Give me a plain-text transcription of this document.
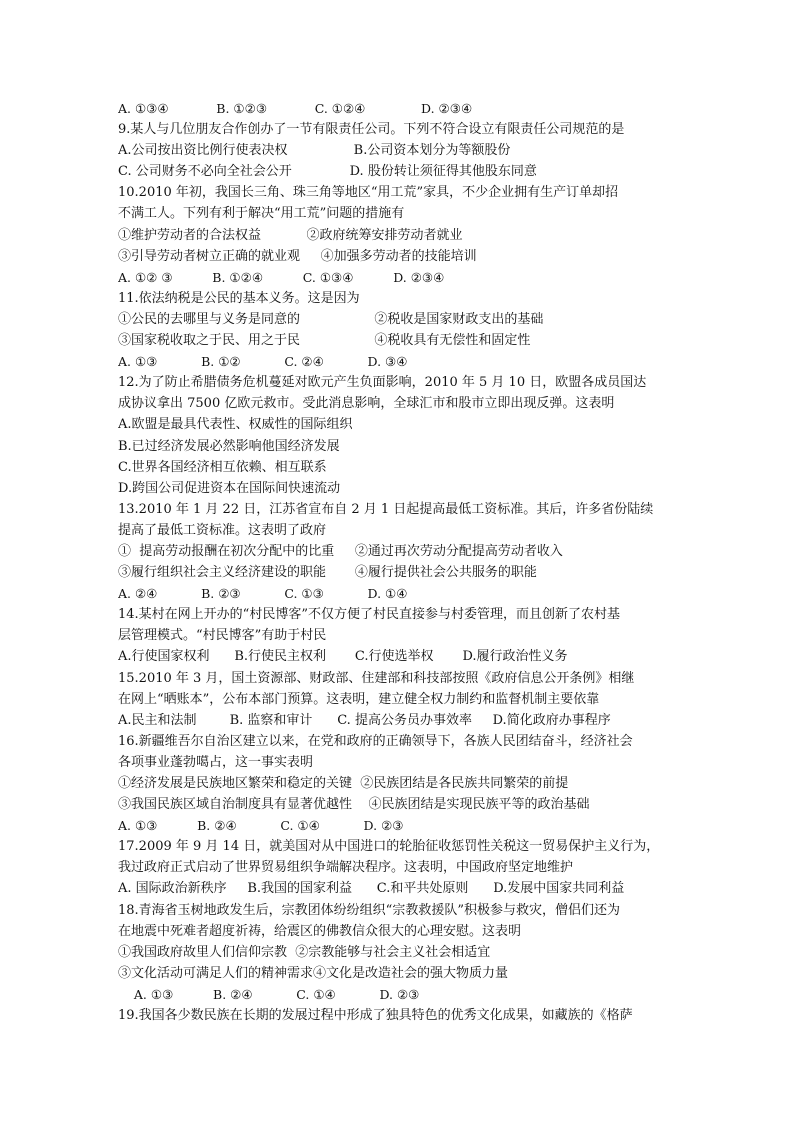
A. ①③④            B. ①②③            C. ①②④              D. ②③④
9.某人与几位朋友合作创办了一节有限责任公司。下列不符合设立有限责任公司规范的是
A.公司按出资比例行使表决权                B.公司资本划分为等额股份
C. 公司财务不必向全社会公开              D. 股份转让须征得其他股东同意
10.2010 年初，我国长三角、珠三角等地区“用工荒”家具，不少企业拥有生产订单却招
不满工人。下列有利于解决“用工荒”问题的措施有
①维护劳动者的合法权益           ②政府统筹安排劳动者就业
③引导劳动者树立正确的就业观     ④加强多劳动者的技能培训
A. ①② ③          B. ①②④          C. ①③④          D. ②③④
11.依法纳税是公民的基本义务。这是因为
①公民的去哪里与义务是同意的                  ②税收是国家财政支出的基础
③国家税收取之于民、用之于民                  ④税收具有无偿性和固定性
A. ①③           B. ①②           C. ②④           D. ③④
12.为了防止希腊债务危机蔓延对欧元产生负面影响，2010 年 5 月 10 日，欧盟各成员国达
成协议拿出 7500 亿欧元救市。受此消息影响，全球汇市和股市立即出现反弹。这表明
A.欧盟是最具代表性、权威性的国际组织
B.已过经济发展必然影响他国经济发展
C.世界各国经济相互依赖、相互联系
D.跨国公司促进资本在国际间快速流动
13.2010 年 1 月 22 日，江苏省宣布自 2 月 1 日起提高最低工资标准。其后，许多省份陆续
提高了最低工资标准。这表明了政府
①  提高劳动报酬在初次分配中的比重     ②通过再次劳动分配提高劳动者收入
③履行组织社会主义经济建设的职能       ④履行提供社会公共服务的职能
A. ②④           B. ②③           C. ①③           D. ①④
14.某村在网上开办的“村民博客”不仅方便了村民直接参与村委管理，而且创新了农村基
层管理模式。“村民博客”有助于村民
A.行使国家权利      B.行使民主权利       C.行使选举权       D.履行政治性义务
15.2010 年 3 月，国土资源部、财政部、住建部和科技部按照《政府信息公开条例》相继
在网上“晒账本”，公布本部门预算。这表明，建立健全权力制约和监督机制主要依靠
A.民主和法制        B. 监察和审计      C. 提高公务员办事效率     D.简化政府办事程序
16.新疆维吾尔自治区建立以来，在党和政府的正确领导下，各族人民团结奋斗，经济社会
各项事业蓬勃噶占，这一事实表明
①经济发展是民族地区繁荣和稳定的关键  ②民族团结是各民族共同繁荣的前提
③我国民族区域自治制度具有显著优越性    ④民族团结是实现民族平等的政治基础
A. ①③          B. ②④           C. ①④           D. ②③
17.2009 年 9 月 14 日，就美国对从中国进口的轮胎征收惩罚性关税这一贸易保护主义行为，
我过政府正式启动了世界贸易组织争端解决程序。这表明，中国政府坚定地维护
A. 国际政治新秩序     B.我国的国家利益      C.和平共处原则      D.发展中国家共同利益
18.青海省玉树地政发生后，宗教团体纷纷组织“宗教救援队”积极参与救灾，僧侣们还为
在地震中死难者超度祈祷，给震区的佛教信众很大的心理安慰。这表明
①我国政府故里人们信仰宗教  ②宗教能够与社会主义社会相适宜
③文化活动可满足人们的精神需求④文化是改造社会的强大物质力量
A. ①③          B. ②④           C. ①④           D. ②③
19.我国各少数民族在长期的发展过程中形成了独具特色的优秀文化成果，如藏族的《格萨
